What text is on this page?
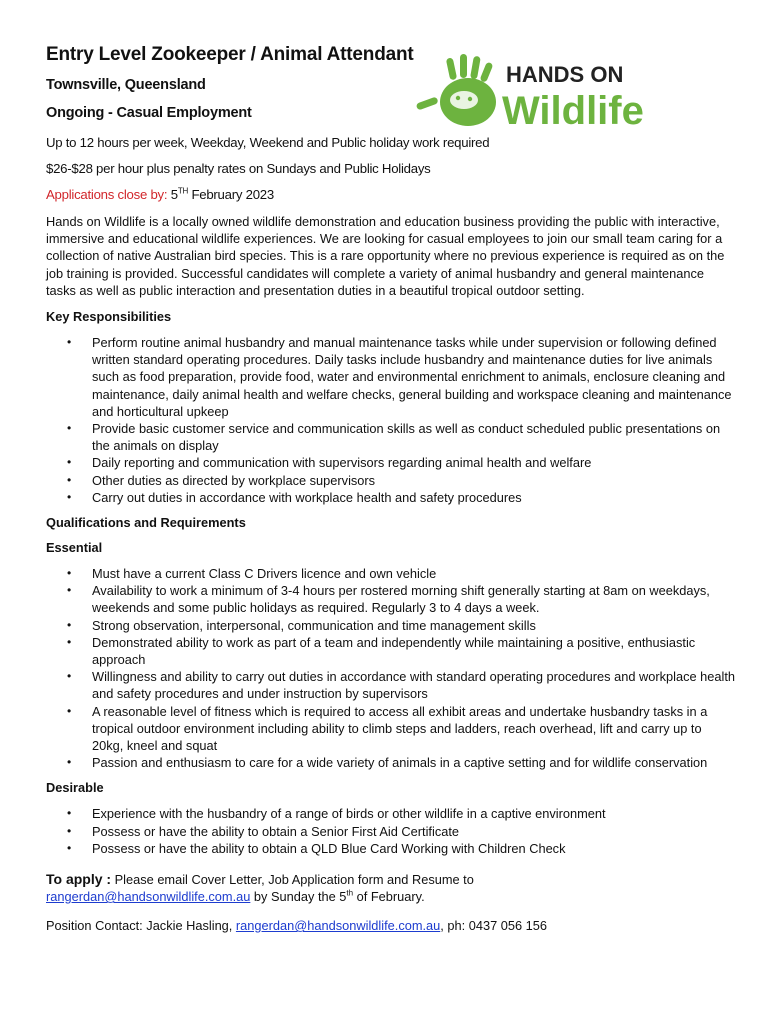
HANDS ON
Wildlife
Entry Level Zookeeper / Animal Attendant
Townsville, Queensland
Ongoing - Casual Employment
Up to 12 hours per week, Weekday, Weekend and Public holiday work required
$26-$28 per hour plus penalty rates on Sundays and Public Holidays
Applications close by: 5TH February 2023

Hands on Wildlife is a locally owned wildlife demonstration and education business providing the public with interactive, immersive and educational wildlife experiences. We are looking for casual employees to join our small team caring for a collection of native Australian bird species. This is a rare opportunity where no previous experience is required as on the job training is provided. Successful candidates will complete a variety of animal husbandry and general maintenance tasks as well as public interaction and presentation duties in a beautiful tropical outdoor setting.

Key Responsibilities
• Perform routine animal husbandry and manual maintenance tasks while under supervision or following defined written standard operating procedures. Daily tasks include husbandry and maintenance duties for live animals such as food preparation, provide food, water and environmental enrichment to animals, enclosure cleaning and maintenance, daily animal health and welfare checks, general building and workspace cleaning and maintenance and horticultural upkeep
• Provide basic customer service and communication skills as well as conduct scheduled public presentations on the animals on display
• Daily reporting and communication with supervisors regarding animal health and welfare
• Other duties as directed by workplace supervisors
• Carry out duties in accordance with workplace health and safety procedures
Qualifications and Requirements
Essential
• Must have a current Class C Drivers licence and own vehicle
• Availability to work a minimum of 3-4 hours per rostered morning shift generally starting at 8am on weekdays, weekends and some public holidays as required. Regularly 3 to 4 days a week.
• Strong observation, interpersonal, communication and time management skills
• Demonstrated ability to work as part of a team and independently while maintaining a positive, enthusiastic approach
• Willingness and ability to carry out duties in accordance with standard operating procedures and workplace health and safety procedures and under instruction by supervisors
• A reasonable level of fitness which is required to access all exhibit areas and undertake husbandry tasks in a tropical outdoor environment including ability to climb steps and ladders, reach overhead, lift and carry up to 20kg, kneel and squat
• Passion and enthusiasm to care for a wide variety of animals in a captive setting and for wildlife conservation
Desirable
• Experience with the husbandry of a range of birds or other wildlife in a captive environment
• Possess or have the ability to obtain a Senior First Aid Certificate
• Possess or have the ability to obtain a QLD Blue Card Working with Children Check
To apply : Please email Cover Letter, Job Application form and Resume to
rangerdan@handsonwildlife.com.au by Sunday the 5th of February.
Position Contact: Jackie Hasling, rangerdan@handsonwildlife.com.au, ph: 0437 056 156
